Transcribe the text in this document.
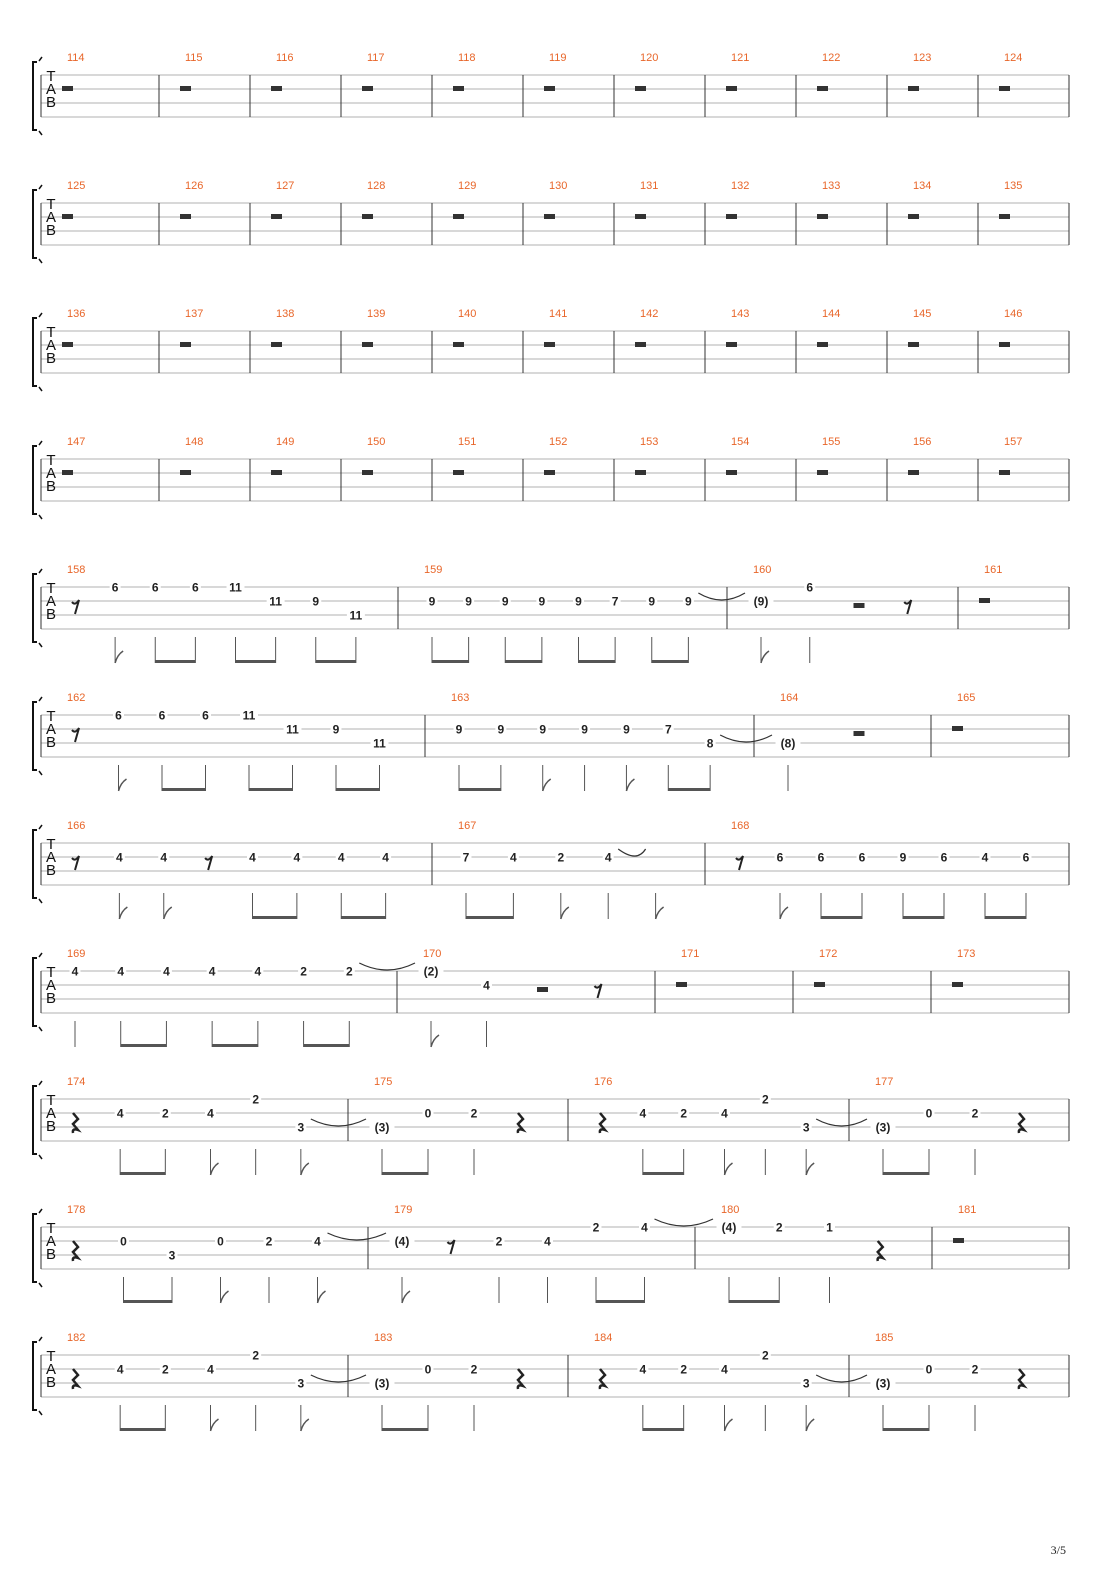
T
A
B
114	115	116	117	118	119	120	121	122	123	124
T
A
B
125	126	127	128	129	130	131	132	133	134	135
T
A
B
136	137	138	139	140	141	142	143	144	145	146
T
A
B
147	148	149	150	151	152	153	154	155	156	157
T
A
B
158
6	6	6	11
11	9
11
159
9 9 9 9 9 7 9 9
160
(9)
6
161
T
A
B
162
6	6	6	11
11	9
11
163
9	9	9	9	9	7
8
164
(8)
165
T
A
B
166
4	4	4	4	4	4
167
7	4	2	4
168
6	6	6	9	6	4	6
T
A
B
169
4	4	4	4	4	2	2
170
(2)
4
171	172	173
T
A
B
174
4	2	4
2
3
175
(3)
0	2
176
4	2	4
2
3
177
(3)
0	2
T
A
B
178
0
3
0	2	4
179
(4)	2	4
2	4
180
(4)	2	1
181
T
A
B
182
4	2	4
2
3
183
(3)
0	2
184
4	2	4
2
3
185
(3)
0	2
3/5
